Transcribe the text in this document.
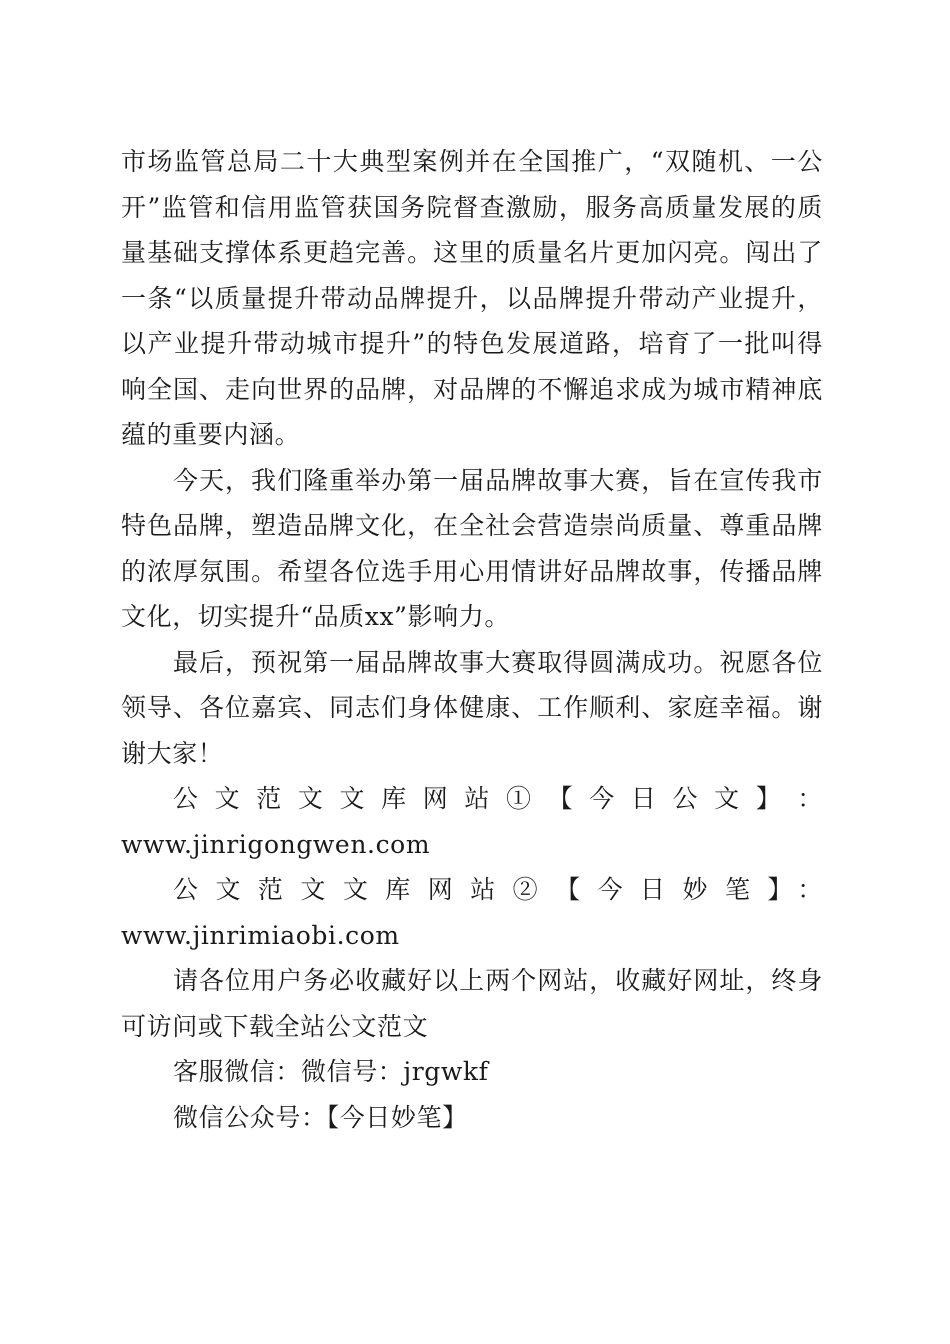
市场监管总局二十大典型案例并在全国推广，“双随机、一公开”监管和信用监管获国务院督查激励，服务高质量发展的质量基础支撑体系更趋完善。这里的质量名片更加闪亮。闯出了一条“以质量提升带动品牌提升，以品牌提升带动产业提升，以产业提升带动城市提升”的特色发展道路，培育了一批叫得响全国、走向世界的品牌，对品牌的不懈追求成为城市精神底蕴的重要内涵。

今天，我们隆重举办第一届品牌故事大赛，旨在宣传我市特色品牌，塑造品牌文化，在全社会营造崇尚质量、尊重品牌的浓厚氛围。希望各位选手用心用情讲好品牌故事，传播品牌文化，切实提升“品质xx”影响力。

最后，预祝第一届品牌故事大赛取得圆满成功。祝愿各位领导、各位嘉宾、同志们身体健康、工作顺利、家庭幸福。谢谢大家！

公 文 范 文 文 库 网 站 ① 【 今 日 公 文 】 ：

www.jinrigongwen.com

公文范文文库网站②【今日妙笔】：www.jinrimiaobi.com

请各位用户务必收藏好以上两个网站，收藏好网址，终身可访问或下载全站公文范文

客服微信：微信号：jrgwkf

微信公众号：【今日妙笔】
